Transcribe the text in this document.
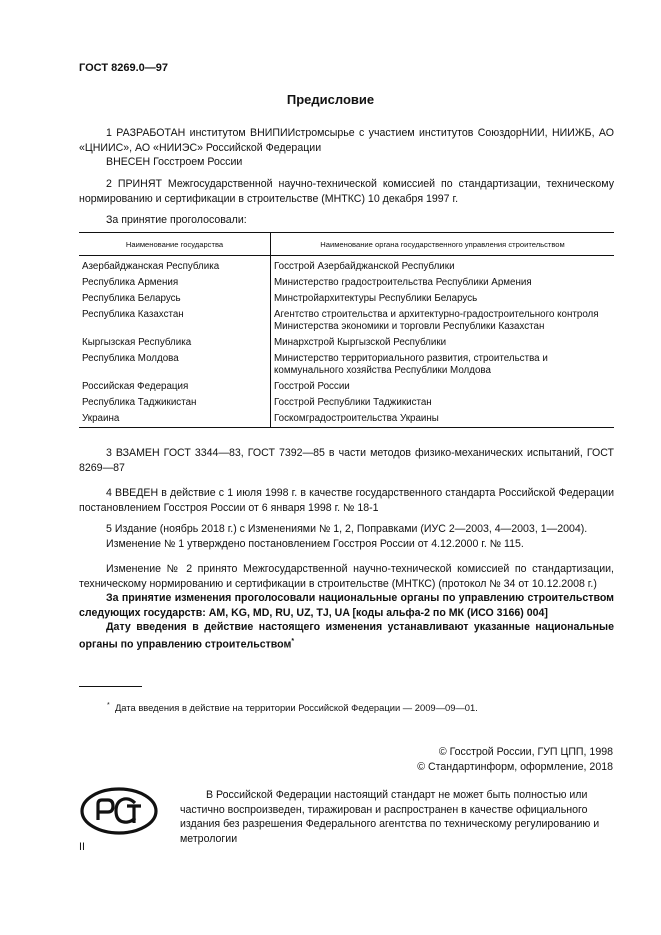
ГОСТ 8269.0—97
Предисловие
1 РАЗРАБОТАН институтом ВНИПИИстромсырье с участием институтов СоюздорНИИ, НИИЖБ, АО «ЦНИИС», АО «НИИЭС» Российской Федерации
ВНЕСЕН Госстроем России
2 ПРИНЯТ Межгосударственной научно-технической комиссией по стандартизации, техническому нормированию и сертификации в строительстве (МНТКС) 10 декабря 1997 г.
За принятие проголосовали:
Наименование государства	Наименование органа государственного управления строительством
Азербайджанская Республика	Госстрой Азербайджанской Республики
Республика Армения	Министерство градостроительства Республики Армения
Республика Беларусь	Минстройархитектуры Республики Беларусь
Республика Казахстан	Агентство строительства и архитектурно-градостроительного контроля Министерства экономики и торговли Республики Казахстан
Кыргызская Республика	Минархстрой Кыргызской Республики
Республика Молдова	Министерство территориального развития, строительства и коммунального хозяйства Республики Молдова
Российская Федерация	Госстрой России
Республика Таджикистан	Госстрой Республики Таджикистан
Украина	Госкомградостроительства Украины
3 ВЗАМЕН ГОСТ 3344—83, ГОСТ 7392—85 в части методов физико-механических испытаний, ГОСТ 8269—87
4 ВВЕДЕН в действие с 1 июля 1998 г. в качестве государственного стандарта Российской Федерации постановлением Госстроя России от 6 января 1998 г. № 18-1
5 Издание (ноябрь 2018 г.) с Изменениями № 1, 2, Поправками (ИУС 2—2003, 4—2003, 1—2004).
Изменение № 1 утверждено постановлением Госстроя России от 4.12.2000 г. № 115.
Изменение № 2 принято Межгосударственной научно-технической комиссией по стандартизации, техническому нормированию и сертификации в строительстве (МНТКС) (протокол № 34 от 10.12.2008 г.)
За принятие изменения проголосовали национальные органы по управлению строительством следующих государств: AM, KG, MD, RU, UZ, TJ, UA [коды альфа-2 по МК (ИСО 3166) 004]
Дату введения в действие настоящего изменения устанавливают указанные национальные органы по управлению строительством*
* Дата введения в действие на территории Российской Федерации — 2009—09—01.
© Госстрой России, ГУП ЦПП, 1998
© Стандартинформ, оформление, 2018
В Российской Федерации настоящий стандарт не может быть полностью или частично воспроизведен, тиражирован и распространен в качестве официального издания без разрешения Федерального агентства по техническому регулированию и метрологии
II
